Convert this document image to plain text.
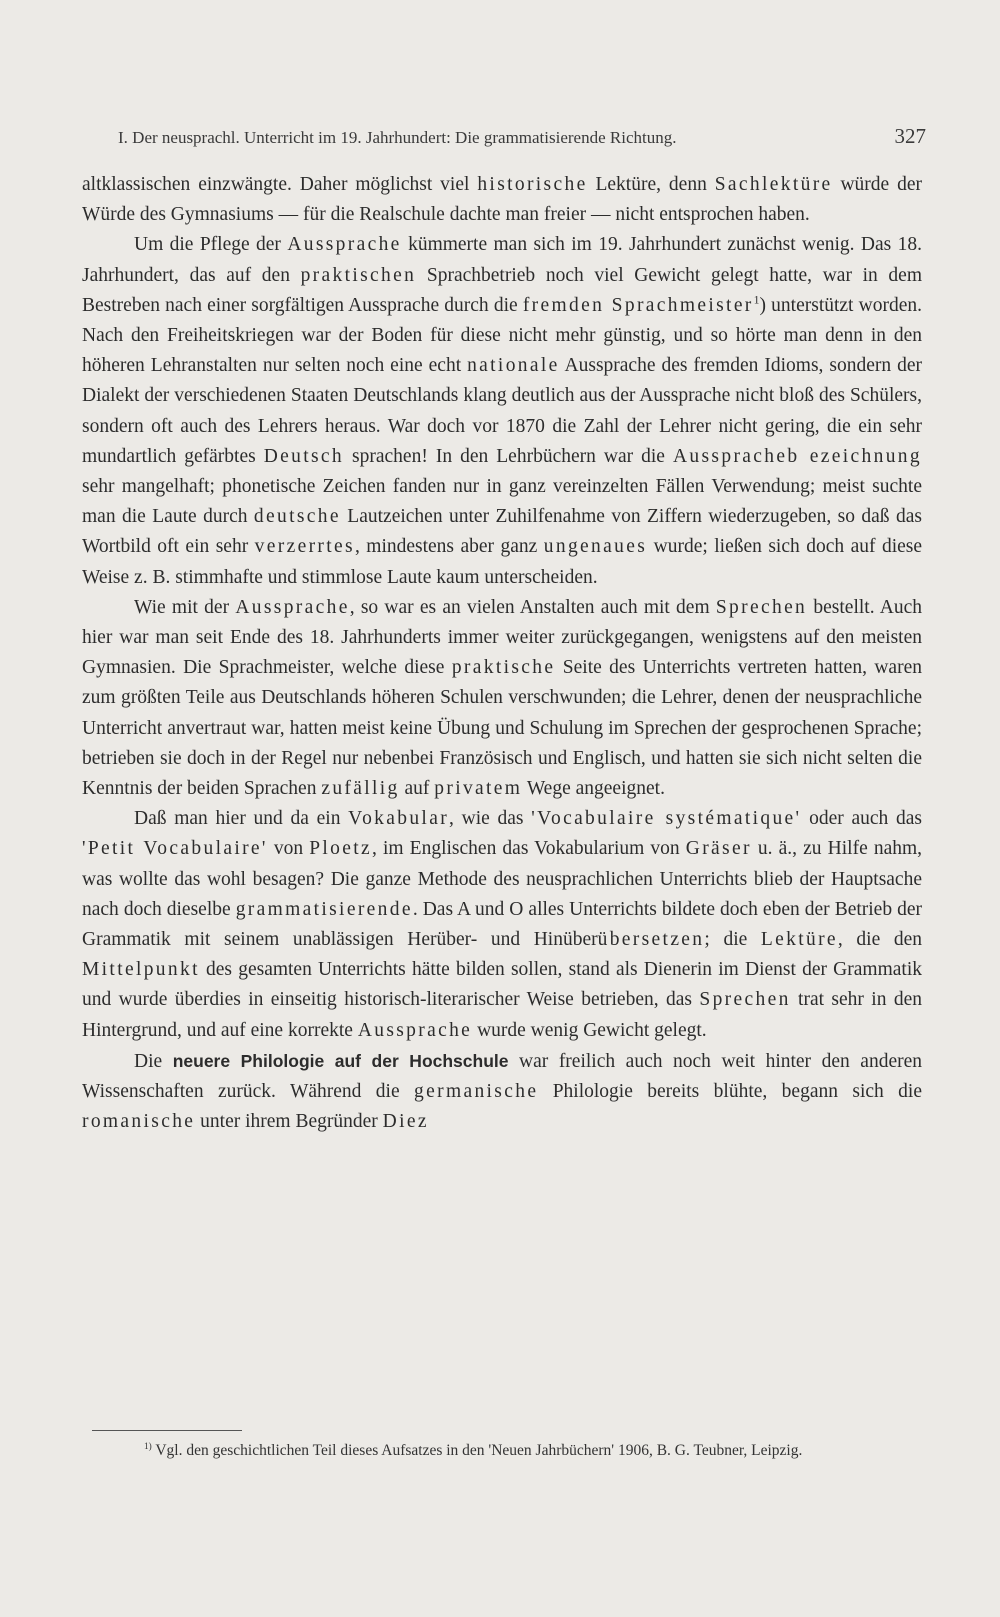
I. Der neusprachl. Unterricht im 19. Jahrhundert: Die grammatisierende Richtung.	327

altklassischen einzwängte. Daher möglichst viel historische Lektüre, denn Sachlektüre würde der Würde des Gymnasiums — für die Realschule dachte man freier — nicht entsprochen haben.

Um die Pflege der Aussprache kümmerte man sich im 19. Jahrhundert zunächst wenig. Das 18. Jahrhundert, das auf den praktischen Sprachbetrieb noch viel Gewicht gelegt hatte, war in dem Bestreben nach einer sorgfältigen Aussprache durch die fremden Sprachmeister$^1$) unterstützt worden. Nach den Freiheitskriegen war der Boden für diese nicht mehr günstig, und so hörte man denn in den höheren Lehranstalten nur selten noch eine echt nationale Aussprache des fremden Idioms, sondern der Dialekt der verschiedenen Staaten Deutschlands klang deutlich aus der Aussprache nicht bloß des Schülers, sondern oft auch des Lehrers heraus. War doch vor 1870 die Zahl der Lehrer nicht gering, die ein sehr mundartlich gefärbtes Deutsch sprachen! In den Lehrbüchern war die Ausspracheb ezeichnung sehr mangelhaft; phonetische Zeichen fanden nur in ganz vereinzelten Fällen Verwendung; meist suchte man die Laute durch deutsche Lautzeichen unter Zuhilfenahme von Ziffern wiederzugeben, so daß das Wortbild oft ein sehr verzerrtes, mindestens aber ganz ungenaues wurde; ließen sich doch auf diese Weise z. B. stimmhafte und stimmlose Laute kaum unterscheiden.

Wie mit der Aussprache, so war es an vielen Anstalten auch mit dem Sprechen bestellt. Auch hier war man seit Ende des 18. Jahrhunderts immer weiter zurückgegangen, wenigstens auf den meisten Gymnasien. Die Sprachmeister, welche diese praktische Seite des Unterrichts vertreten hatten, waren zum größten Teile aus Deutschlands höheren Schulen verschwunden; die Lehrer, denen der neusprachliche Unterricht anvertraut war, hatten meist keine Übung und Schulung im Sprechen der gesprochenen Sprache; betrieben sie doch in der Regel nur nebenbei Französisch und Englisch, und hatten sie sich nicht selten die Kenntnis der beiden Sprachen zufällig auf privatem Wege angeeignet.

Daß man hier und da ein Vokabular, wie das 'Vocabulaire systématique' oder auch das 'Petit Vocabulaire' von Ploetz, im Englischen das Vokabularium von Gräser u. ä., zu Hilfe nahm, was wollte das wohl besagen? Die ganze Methode des neusprachlichen Unterrichts blieb der Hauptsache nach doch dieselbe grammatisierende. Das A und O alles Unterrichts bildete doch eben der Betrieb der Grammatik mit seinem unablässigen Herüber- und Hinüberübersetzen; die Lektüre, die den Mittelpunkt des gesamten Unterrichts hätte bilden sollen, stand als Dienerin im Dienst der Grammatik und wurde überdies in einseitig historisch-literarischer Weise betrieben, das Sprechen trat sehr in den Hintergrund, und auf eine korrekte Aussprache wurde wenig Gewicht gelegt.

Die neuere Philologie auf der Hochschule war freilich auch noch weit hinter den anderen Wissenschaften zurück. Während die germanische Philologie bereits blühte, begann sich die romanische unter ihrem Begründer Diez

$^{1)}$ Vgl. den geschichtlichen Teil dieses Aufsatzes in den 'Neuen Jahrbüchern' 1906, B. G. Teubner, Leipzig.
